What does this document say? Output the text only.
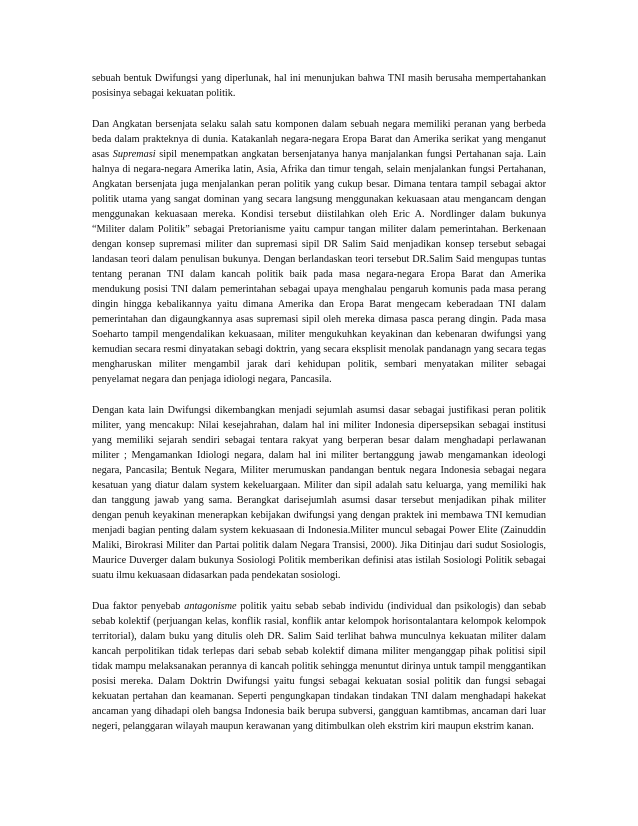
sebuah bentuk Dwifungsi yang diperlunak, hal ini menunjukan bahwa TNI masih berusaha mempertahankan posisinya sebagai kekuatan politik.

Dan Angkatan bersenjata selaku salah satu komponen dalam sebuah negara memiliki peranan yang berbeda beda dalam prakteknya di dunia. Katakanlah negara-negara Eropa Barat dan Amerika serikat yang menganut asas Supremasi sipil menempatkan angkatan bersenjatanya hanya manjalankan fungsi Pertahanan saja. Lain halnya di negara-negara Amerika latin, Asia, Afrika dan timur tengah, selain menjalankan fungsi Pertahanan, Angkatan bersenjata juga menjalankan peran politik yang cukup besar. Dimana tentara tampil sebagai aktor politik utama yang sangat dominan yang secara langsung menggunakan kekuasaan atau mengancam dengan menggunakan kekuasaan mereka. Kondisi tersebut diistilahkan oleh Eric A. Nordlinger dalam bukunya “Militer dalam Politik” sebagai Pretorianisme yaitu campur tangan militer dalam pemerintahan. Berkenaan dengan konsep supremasi militer dan supremasi sipil DR Salim Said menjadikan konsep tersebut sebagai landasan teori dalam penulisan bukunya. Dengan berlandaskan teori tersebut DR.Salim Said mengupas tuntas tentang peranan TNI dalam kancah politik baik pada masa negara-negara Eropa Barat dan Amerika mendukung posisi TNI dalam pemerintahan sebagai upaya menghalau pengaruh komunis pada masa perang dingin hingga kebalikannya yaitu dimana Amerika dan Eropa Barat mengecam keberadaan TNI dalam pemerintahan dan digaungkannya asas supremasi sipil oleh mereka dimasa pasca perang dingin. Pada masa Soeharto tampil mengendalikan kekuasaan, militer mengukuhkan keyakinan dan kebenaran dwifungsi yang kemudian secara resmi dinyatakan sebagi doktrin, yang secara eksplisit menolak pandanagn yang secara tegas mengharuskan militer mengambil jarak dari kehidupan politik, sembari menyatakan militer sebagai penyelamat negara dan penjaga idiologi negara, Pancasila.

Dengan kata lain Dwifungsi dikembangkan menjadi sejumlah asumsi dasar sebagai justifikasi peran politik militer, yang mencakup: Nilai kesejahrahan, dalam hal ini militer Indonesia dipersepsikan sebagai institusi yang memiliki sejarah sendiri sebagai tentara rakyat yang berperan besar dalam menghadapi perlawanan militer ; Mengamankan Idiologi negara, dalam hal ini militer bertanggung jawab mengamankan ideologi negara, Pancasila; Bentuk Negara, Militer merumuskan pandangan bentuk negara Indonesia sebagai negara kesatuan yang diatur dalam system kekeluargaan. Militer dan sipil adalah satu keluarga, yang memiliki hak dan tanggung jawab yang sama. Berangkat darisejumlah asumsi dasar tersebut menjadikan pihak militer dengan penuh keyakinan menerapkan kebijakan dwifungsi yang dengan praktek ini membawa TNI kemudian menjadi bagian penting dalam system kekuasaan di Indonesia.Militer muncul sebagai Power Elite (Zainuddin Maliki, Birokrasi Militer dan Partai politik dalam Negara Transisi, 2000). Jika Ditinjau dari sudut Sosiologis, Maurice Duverger dalam bukunya Sosiologi Politik memberikan definisi atas istilah Sosiologi Politik sebagai suatu ilmu kekuasaan didasarkan pada pendekatan sosiologi.

Dua faktor penyebab antagonisme politik yaitu sebab sebab individu (individual dan psikologis) dan sebab sebab kolektif (perjuangan kelas, konflik rasial, konflik antar kelompok horisontalantara kelompok kelompok territorial), dalam buku yang ditulis oleh DR. Salim Said terlihat bahwa munculnya kekuatan militer dalam kancah perpolitikan tidak terlepas dari sebab sebab kolektif dimana militer menganggap pihak politisi sipil tidak mampu melaksanakan perannya di kancah politik sehingga menuntut dirinya untuk tampil menggantikan posisi mereka. Dalam Doktrin Dwifungsi yaitu fungsi sebagai kekuatan sosial politik dan fungsi sebagai kekuatan pertahan dan keamanan. Seperti pengungkapan tindakan tindakan TNI dalam menghadapi hakekat ancaman yang dihadapi oleh bangsa Indonesia baik berupa subversi, gangguan kamtibmas, ancaman dari luar negeri, pelanggaran wilayah maupun kerawanan yang ditimbulkan oleh ekstrim kiri maupun ekstrim kanan.
